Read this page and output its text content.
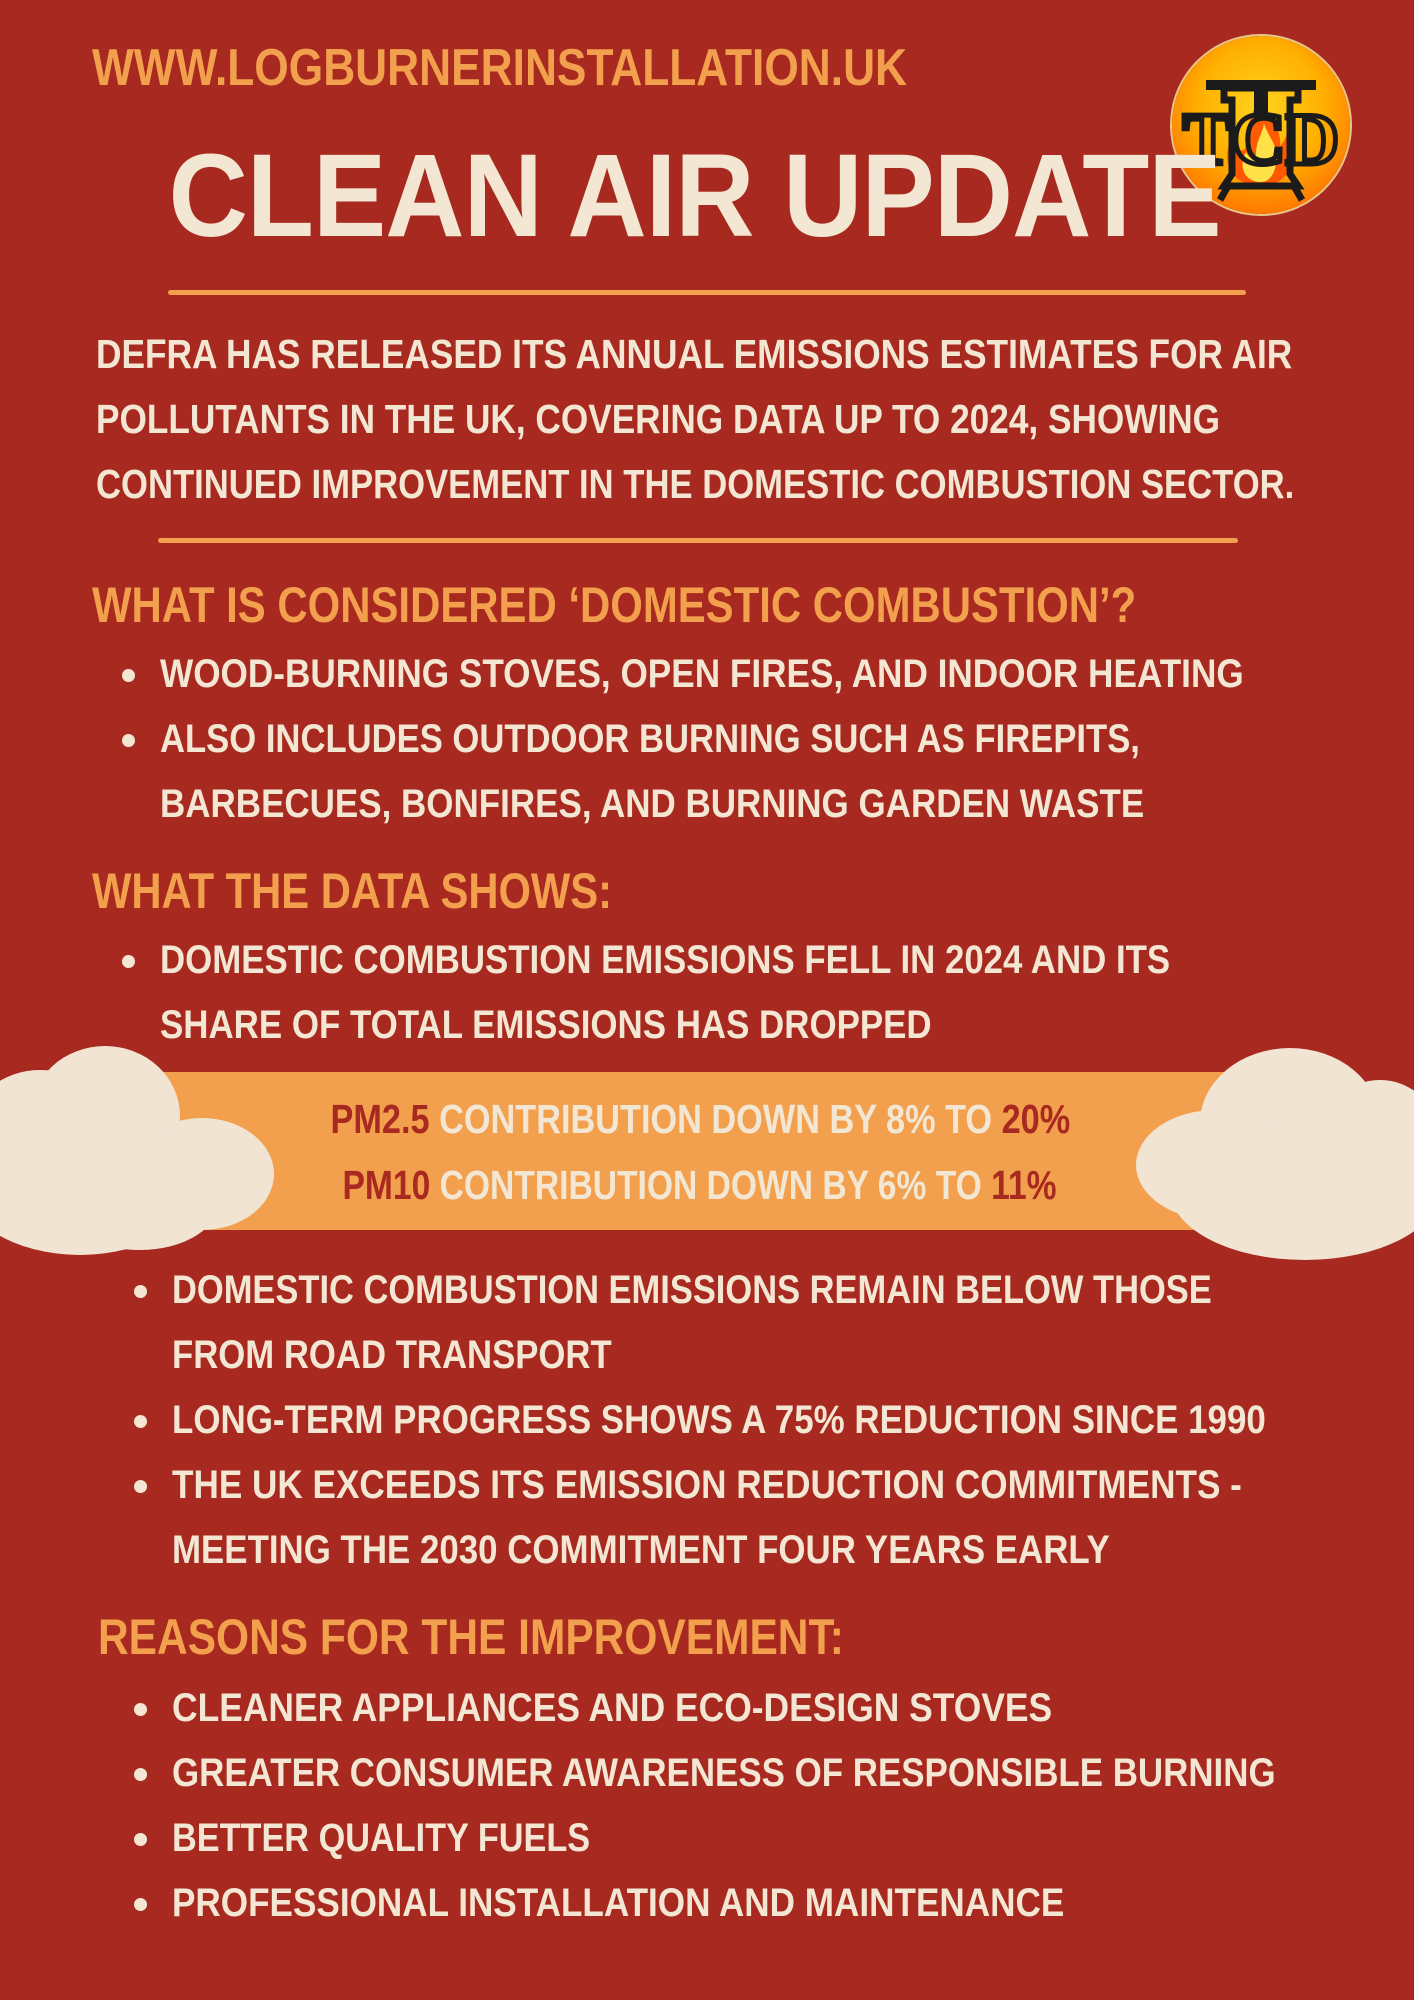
WWW.LOGBURNERINSTALLATION.UK
TCD
CLEAN AIR UPDATE
DEFRA HAS RELEASED ITS ANNUAL EMISSIONS ESTIMATES FOR AIR
POLLUTANTS IN THE UK, COVERING DATA UP TO 2024, SHOWING
CONTINUED IMPROVEMENT IN THE DOMESTIC COMBUSTION SECTOR.
WHAT IS CONSIDERED ‘DOMESTIC COMBUSTION’?
WOOD-BURNING STOVES, OPEN FIRES, AND INDOOR HEATING
ALSO INCLUDES OUTDOOR BURNING SUCH AS FIREPITS,
BARBECUES, BONFIRES, AND BURNING GARDEN WASTE
WHAT THE DATA SHOWS:
DOMESTIC COMBUSTION EMISSIONS FELL IN 2024 AND ITS
SHARE OF TOTAL EMISSIONS HAS DROPPED
PM2.5 CONTRIBUTION DOWN BY 8% TO 20%
PM10 CONTRIBUTION DOWN BY 6% TO 11%
DOMESTIC COMBUSTION EMISSIONS REMAIN BELOW THOSE
FROM ROAD TRANSPORT
LONG-TERM PROGRESS SHOWS A 75% REDUCTION SINCE 1990
THE UK EXCEEDS ITS EMISSION REDUCTION COMMITMENTS -
MEETING THE 2030 COMMITMENT FOUR YEARS EARLY
REASONS FOR THE IMPROVEMENT:
CLEANER APPLIANCES AND ECO-DESIGN STOVES
GREATER CONSUMER AWARENESS OF RESPONSIBLE BURNING
BETTER QUALITY FUELS
PROFESSIONAL INSTALLATION AND MAINTENANCE
